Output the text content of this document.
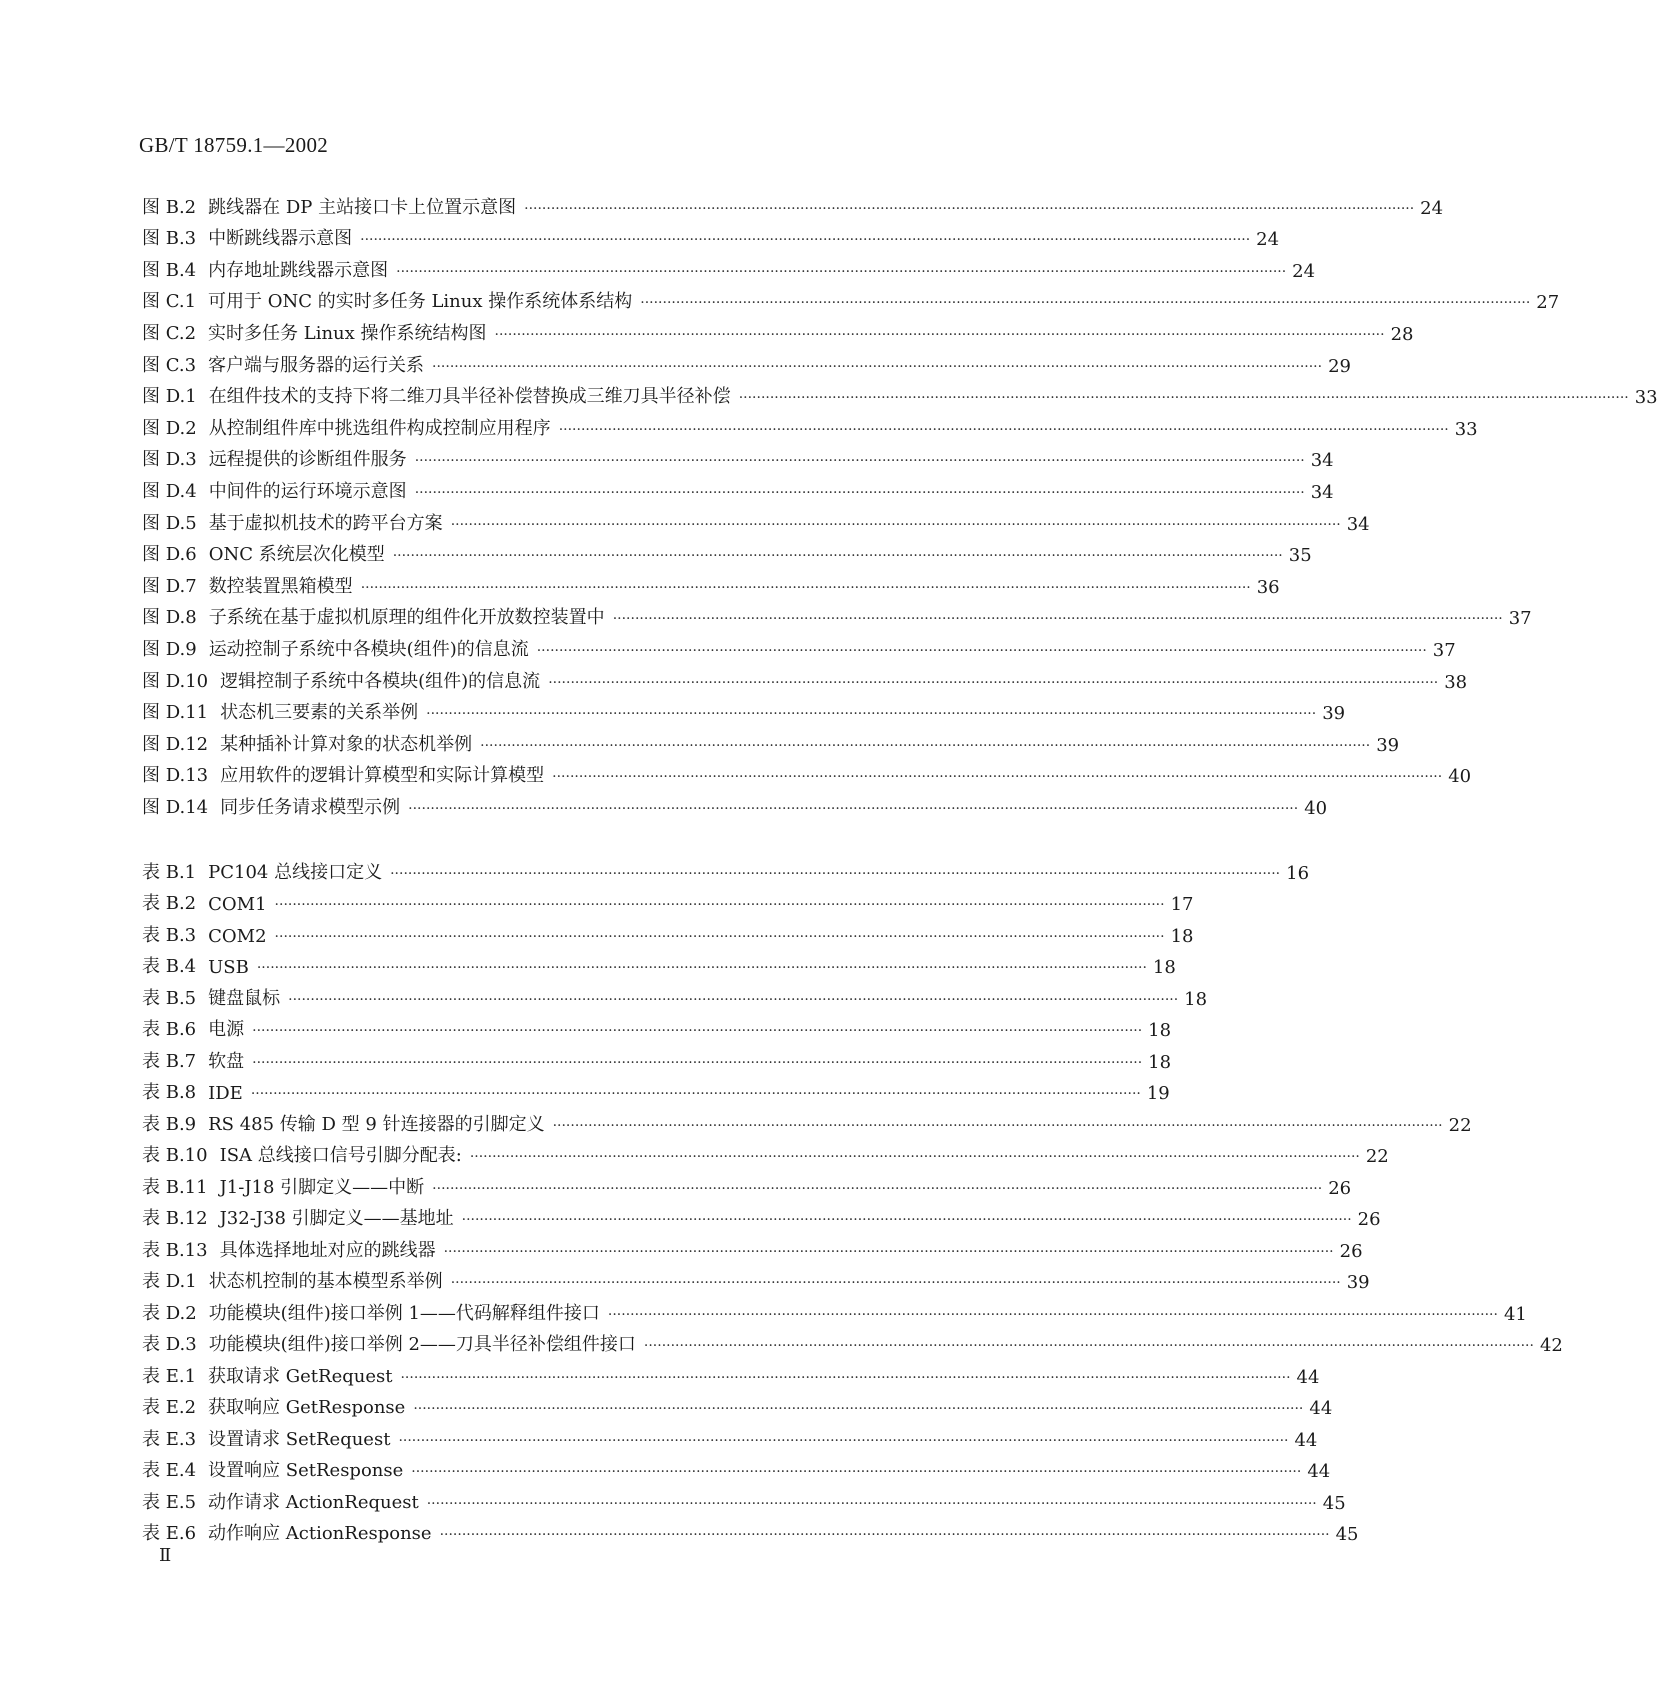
GB/T 18759.1—2002
图 B.2 跳线器在 DP 主站接口卡上位置示意图 ········································································································································································································ 24
图 B.3 中断跳线器示意图 ········································································································································································································ 24
图 B.4 内存地址跳线器示意图 ········································································································································································································ 24
图 C.1 可用于 ONC 的实时多任务 Linux 操作系统体系结构 ········································································································································································································ 27
图 C.2 实时多任务 Linux 操作系统结构图 ········································································································································································································ 28
图 C.3 客户端与服务器的运行关系 ········································································································································································································ 29
图 D.1 在组件技术的支持下将二维刀具半径补偿替换成三维刀具半径补偿 ········································································································································································································ 33
图 D.2 从控制组件库中挑选组件构成控制应用程序 ········································································································································································································ 33
图 D.3 远程提供的诊断组件服务 ········································································································································································································ 34
图 D.4 中间件的运行环境示意图 ········································································································································································································ 34
图 D.5 基于虚拟机技术的跨平台方案 ········································································································································································································ 34
图 D.6 ONC 系统层次化模型 ········································································································································································································ 35
图 D.7 数控装置黑箱模型 ········································································································································································································ 36
图 D.8 子系统在基于虚拟机原理的组件化开放数控装置中 ········································································································································································································ 37
图 D.9 运动控制子系统中各模块(组件)的信息流 ········································································································································································································ 37
图 D.10 逻辑控制子系统中各模块(组件)的信息流 ········································································································································································································ 38
图 D.11 状态机三要素的关系举例 ········································································································································································································ 39
图 D.12 某种插补计算对象的状态机举例 ········································································································································································································ 39
图 D.13 应用软件的逻辑计算模型和实际计算模型 ········································································································································································································ 40
图 D.14 同步任务请求模型示例 ········································································································································································································ 40
表 B.1 PC104 总线接口定义 ········································································································································································································ 16
表 B.2 COM1 ········································································································································································································ 17
表 B.3 COM2 ········································································································································································································ 18
表 B.4 USB ········································································································································································································ 18
表 B.5 键盘鼠标 ········································································································································································································ 18
表 B.6 电源 ········································································································································································································ 18
表 B.7 软盘 ········································································································································································································ 18
表 B.8 IDE ········································································································································································································ 19
表 B.9 RS 485 传输 D 型 9 针连接器的引脚定义 ········································································································································································································ 22
表 B.10 ISA 总线接口信号引脚分配表: ········································································································································································································ 22
表 B.11 J1-J18 引脚定义——中断 ········································································································································································································ 26
表 B.12 J32-J38 引脚定义——基地址 ········································································································································································································ 26
表 B.13 具体选择地址对应的跳线器 ········································································································································································································ 26
表 D.1 状态机控制的基本模型系举例 ········································································································································································································ 39
表 D.2 功能模块(组件)接口举例 1——代码解释组件接口 ········································································································································································································ 41
表 D.3 功能模块(组件)接口举例 2——刀具半径补偿组件接口 ········································································································································································································ 42
表 E.1 获取请求 GetRequest ········································································································································································································ 44
表 E.2 获取响应 GetResponse ········································································································································································································ 44
表 E.3 设置请求 SetRequest ········································································································································································································ 44
表 E.4 设置响应 SetResponse ········································································································································································································ 44
表 E.5 动作请求 ActionRequest ········································································································································································································ 45
表 E.6 动作响应 ActionResponse ········································································································································································································ 45
Ⅱ
